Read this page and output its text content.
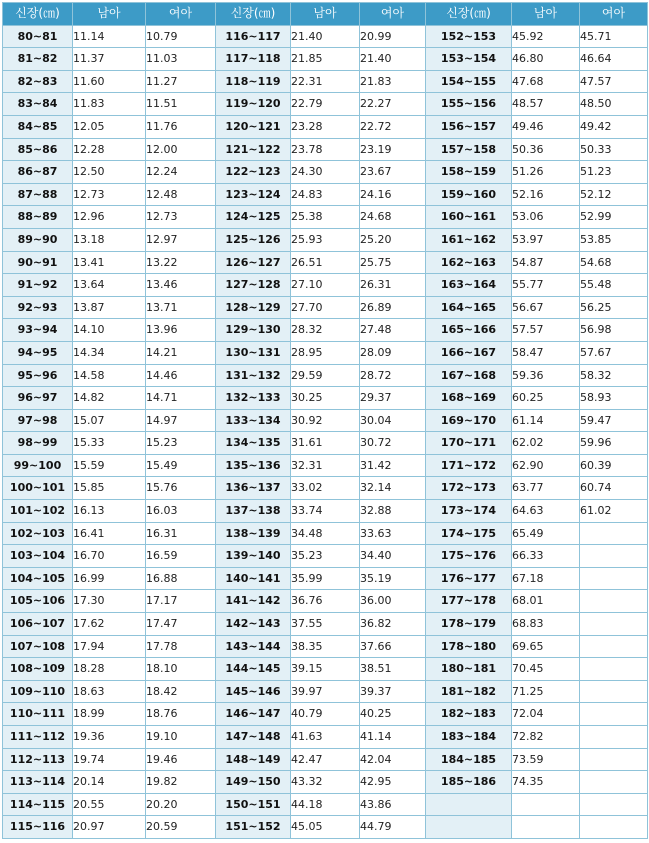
신장(㎝)	남아	여아	신장(㎝)	남아	여아	신장(㎝)	남아	여아
80~81	11.14	10.79	116~117	21.40	20.99	152~153	45.92	45.71
81~82	11.37	11.03	117~118	21.85	21.40	153~154	46.80	46.64
82~83	11.60	11.27	118~119	22.31	21.83	154~155	47.68	47.57
83~84	11.83	11.51	119~120	22.79	22.27	155~156	48.57	48.50
84~85	12.05	11.76	120~121	23.28	22.72	156~157	49.46	49.42
85~86	12.28	12.00	121~122	23.78	23.19	157~158	50.36	50.33
86~87	12.50	12.24	122~123	24.30	23.67	158~159	51.26	51.23
87~88	12.73	12.48	123~124	24.83	24.16	159~160	52.16	52.12
88~89	12.96	12.73	124~125	25.38	24.68	160~161	53.06	52.99
89~90	13.18	12.97	125~126	25.93	25.20	161~162	53.97	53.85
90~91	13.41	13.22	126~127	26.51	25.75	162~163	54.87	54.68
91~92	13.64	13.46	127~128	27.10	26.31	163~164	55.77	55.48
92~93	13.87	13.71	128~129	27.70	26.89	164~165	56.67	56.25
93~94	14.10	13.96	129~130	28.32	27.48	165~166	57.57	56.98
94~95	14.34	14.21	130~131	28.95	28.09	166~167	58.47	57.67
95~96	14.58	14.46	131~132	29.59	28.72	167~168	59.36	58.32
96~97	14.82	14.71	132~133	30.25	29.37	168~169	60.25	58.93
97~98	15.07	14.97	133~134	30.92	30.04	169~170	61.14	59.47
98~99	15.33	15.23	134~135	31.61	30.72	170~171	62.02	59.96
99~100	15.59	15.49	135~136	32.31	31.42	171~172	62.90	60.39
100~101	15.85	15.76	136~137	33.02	32.14	172~173	63.77	60.74
101~102	16.13	16.03	137~138	33.74	32.88	173~174	64.63	61.02
102~103	16.41	16.31	138~139	34.48	33.63	174~175	65.49	
103~104	16.70	16.59	139~140	35.23	34.40	175~176	66.33	
104~105	16.99	16.88	140~141	35.99	35.19	176~177	67.18	
105~106	17.30	17.17	141~142	36.76	36.00	177~178	68.01	
106~107	17.62	17.47	142~143	37.55	36.82	178~179	68.83	
107~108	17.94	17.78	143~144	38.35	37.66	178~180	69.65	
108~109	18.28	18.10	144~145	39.15	38.51	180~181	70.45	
109~110	18.63	18.42	145~146	39.97	39.37	181~182	71.25	
110~111	18.99	18.76	146~147	40.79	40.25	182~183	72.04	
111~112	19.36	19.10	147~148	41.63	41.14	183~184	72.82	
112~113	19.74	19.46	148~149	42.47	42.04	184~185	73.59	
113~114	20.14	19.82	149~150	43.32	42.95	185~186	74.35	
114~115	20.55	20.20	150~151	44.18	43.86			
115~116	20.97	20.59	151~152	45.05	44.79			
